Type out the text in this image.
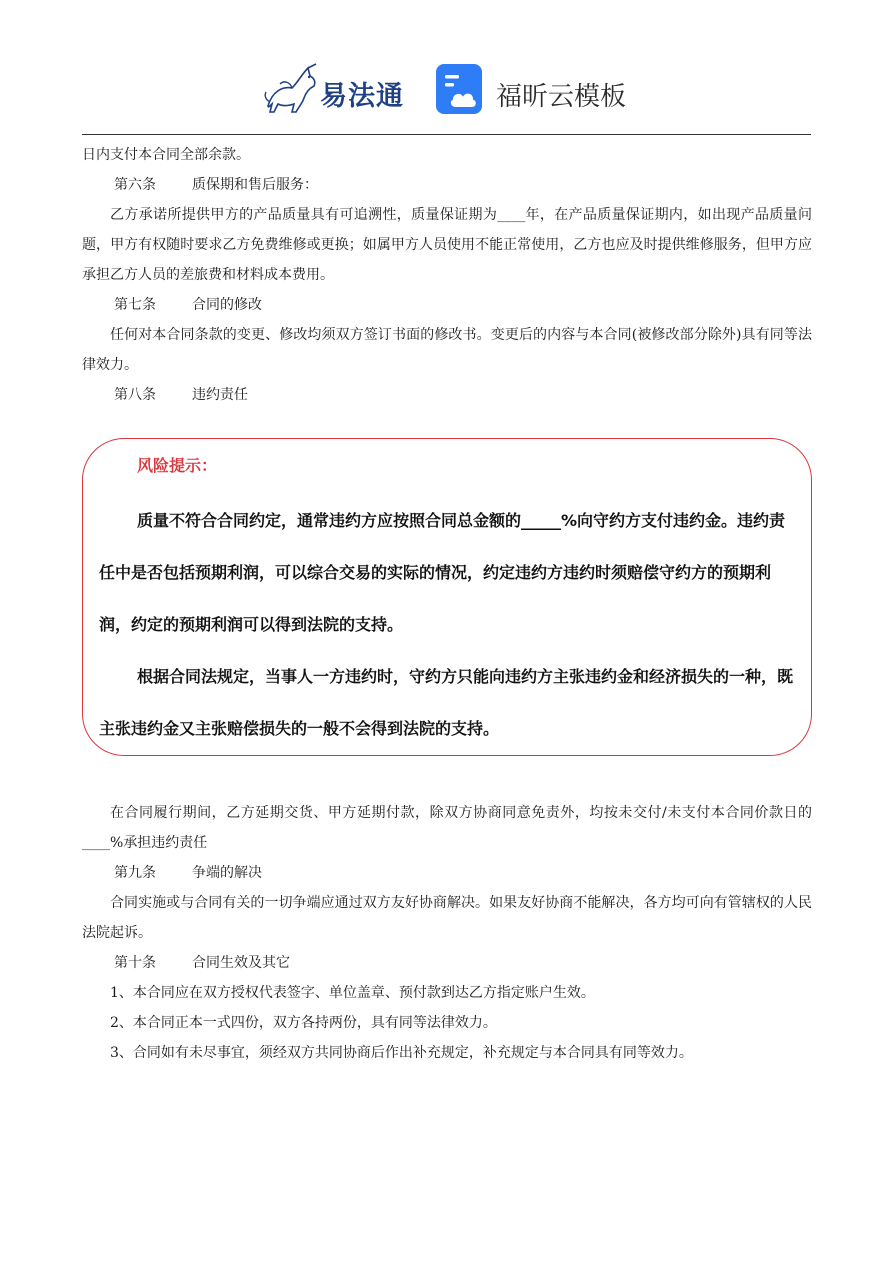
易法通	福昕云模板

日内支付本合同全部余款。

第六条	质保期和售后服务：

乙方承诺所提供甲方的产品质量具有可追溯性，质量保证期为____年，在产品质量保证期内，如出现产品质量问题，甲方有权随时要求乙方免费维修或更换；如属甲方人员使用不能正常使用，乙方也应及时提供维修服务，但甲方应承担乙方人员的差旅费和材料成本费用。

第七条	合同的修改

任何对本合同条款的变更、修改均须双方签订书面的修改书。变更后的内容与本合同(被修改部分除外)具有同等法律效力。

第八条	违约责任

风险提示：

质量不符合合同约定，通常违约方应按照合同总金额的_____%向守约方支付违约金。违约责任中是否包括预期利润，可以综合交易的实际的情况，约定违约方违约时须赔偿守约方的预期利润，约定的预期利润可以得到法院的支持。

根据合同法规定，当事人一方违约时，守约方只能向违约方主张违约金和经济损失的一种，既主张违约金又主张赔偿损失的一般不会得到法院的支持。

在合同履行期间，乙方延期交货、甲方延期付款，除双方协商同意免责外，均按未交付/未支付本合同价款日的____%承担违约责任

第九条	争端的解决

合同实施或与合同有关的一切争端应通过双方友好协商解决。如果友好协商不能解决，各方均可向有管辖权的人民法院起诉。

第十条	合同生效及其它

1、本合同应在双方授权代表签字、单位盖章、预付款到达乙方指定账户生效。

2、本合同正本一式四份，双方各持两份，具有同等法律效力。

3、合同如有未尽事宜，须经双方共同协商后作出补充规定，补充规定与本合同具有同等效力。
